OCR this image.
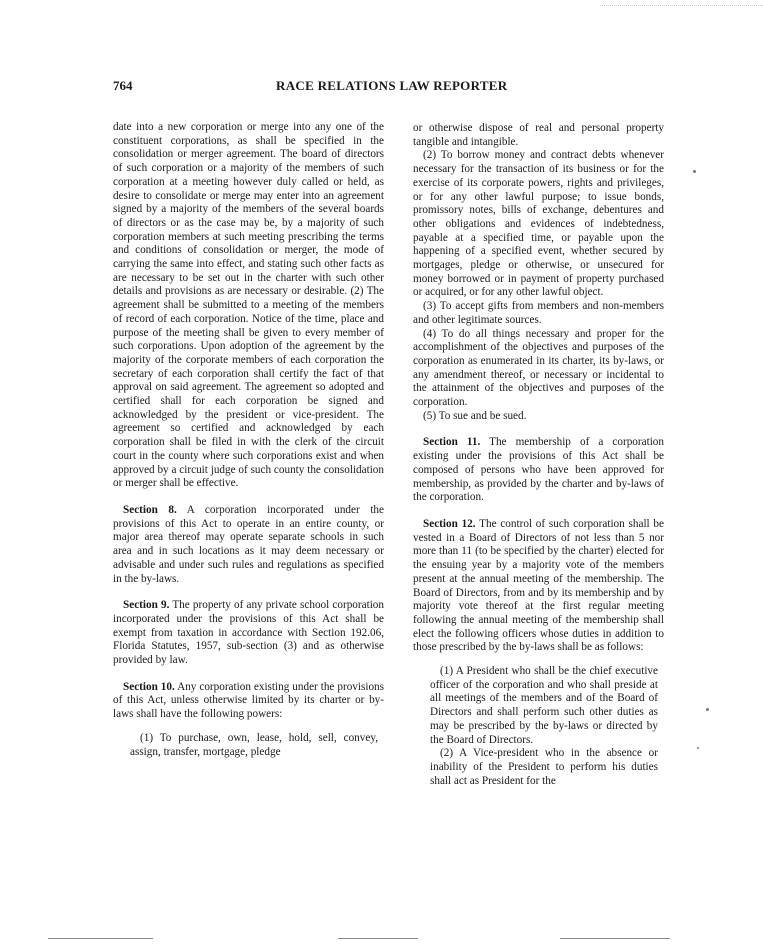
764	RACE RELATIONS LAW REPORTER

date into a new corporation or merge into any one of the constituent corporations, as shall be specified in the consolidation or merger agreement. The board of directors of such corporation or a majority of the members of such corporation at a meeting however duly called or held, as desire to consolidate or merge may enter into an agreement signed by a majority of the members of the several boards of directors or as the case may be, by a majority of such corporation members at such meeting prescribing the terms and conditions of consolidation or merger, the mode of carrying the same into effect, and stating such other facts as are necessary to be set out in the charter with such other details and provisions as are necessary or desirable. (2) The agreement shall be submitted to a meeting of the members of record of each corporation. Notice of the time, place and purpose of the meeting shall be given to every member of such corporations. Upon adoption of the agreement by the majority of the corporate members of each corporation the secretary of each corporation shall certify the fact of that approval on said agreement. The agreement so adopted and certified shall for each corporation be signed and acknowledged by the president or vice-president. The agreement so certified and acknowledged by each corporation shall be filed in with the clerk of the circuit court in the county where such corporations exist and when approved by a circuit judge of such county the consolidation or merger shall be effective.

Section 8. A corporation incorporated under the provisions of this Act to operate in an entire county, or major area thereof may operate separate schools in such area and in such locations as it may deem necessary or advisable and under such rules and regulations as specified in the by-laws.

Section 9. The property of any private school corporation incorporated under the provisions of this Act shall be exempt from taxation in accordance with Section 192.06, Florida Statutes, 1957, sub-section (3) and as otherwise provided by law.

Section 10. Any corporation existing under the provisions of this Act, unless otherwise limited by its charter or by-laws shall have the following powers:

(1) To purchase, own, lease, hold, sell, convey, assign, transfer, mortgage, pledge

or otherwise dispose of real and personal property tangible and intangible.

(2) To borrow money and contract debts whenever necessary for the transaction of its business or for the exercise of its corporate powers, rights and privileges, or for any other lawful purpose; to issue bonds, promissory notes, bills of exchange, debentures and other obligations and evidences of indebtedness, payable at a specified time, or payable upon the happening of a specified event, whether secured by mortgages, pledge or otherwise, or unsecured for money borrowed or in payment of property purchased or acquired, or for any other lawful object.

(3) To accept gifts from members and non-members and other legitimate sources.

(4) To do all things necessary and proper for the accomplishment of the objectives and purposes of the corporation as enumerated in its charter, its by-laws, or any amendment thereof, or necessary or incidental to the attainment of the objectives and purposes of the corporation.

(5) To sue and be sued.

Section 11. The membership of a corporation existing under the provisions of this Act shall be composed of persons who have been approved for membership, as provided by the charter and by-laws of the corporation.

Section 12. The control of such corporation shall be vested in a Board of Directors of not less than 5 nor more than 11 (to be specified by the charter) elected for the ensuing year by a majority vote of the members present at the annual meeting of the membership. The Board of Directors, from and by its membership and by majority vote thereof at the first regular meeting following the annual meeting of the membership shall elect the following officers whose duties in addition to those prescribed by the by-laws shall be as follows:

(1) A President who shall be the chief executive officer of the corporation and who shall preside at all meetings of the members and of the Board of Directors and shall perform such other duties as may be prescribed by the by-laws or directed by the Board of Directors.

(2) A Vice-president who in the absence or inability of the President to perform his duties shall act as President for the
